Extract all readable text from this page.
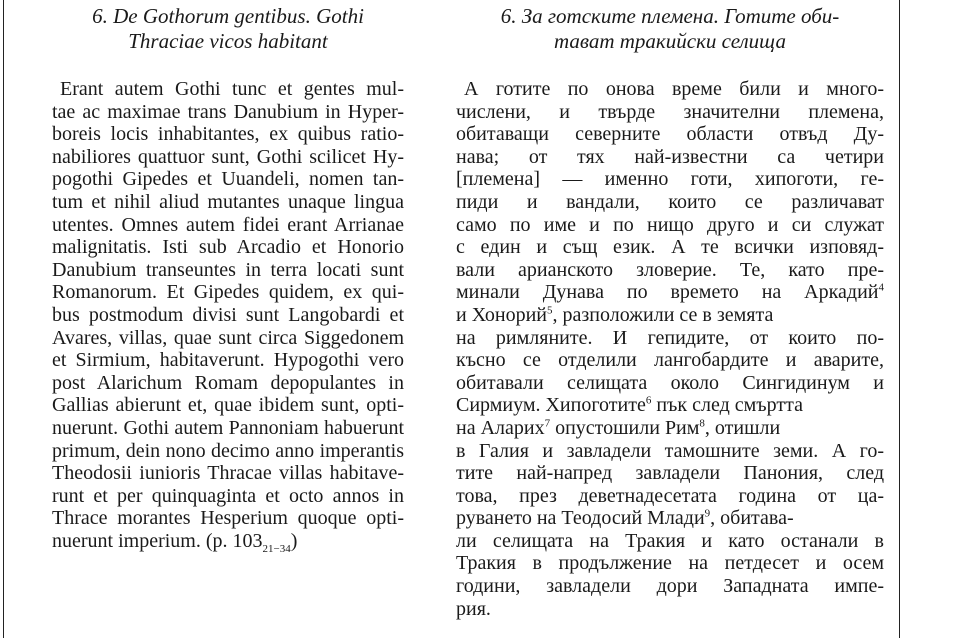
6. De Gothorum gentibus. Gothi
Thraciae vicos habitant
Erant autem Gothi tunc et gentes mul-
tae ac maximae trans Danubium in Hyper-
boreis locis inhabitantes, ex quibus ratio-
nabiliores quattuor sunt, Gothi scilicet Hy-
pogothi Gipedes et Uuandeli, nomen tan-
tum et nihil aliud mutantes unaque lingua
utentes. Omnes autem fidei erant Arrianae
malignitatis. Isti sub Arcadio et Honorio
Danubium transeuntes in terra locati sunt
Romanorum. Et Gipedes quidem, ex qui-
bus postmodum divisi sunt Langobardi et
Avares, villas, quae sunt circa Siggedonem
et Sirmium, habitaverunt. Hypogothi vero
post Alarichum Romam depopulantes in
Gallias abierunt et, quae ibidem sunt, opti-
nuerunt. Gothi autem Pannoniam habuerunt
primum, dein nono decimo anno imperantis
Theodosii iunioris Thracae villas habitave-
runt et per quinquaginta et octo annos in
Thrace morantes Hesperium quoque opti-
nuerunt imperium. (p. $103_{21-34}$)
6. За готските племена. Готите оби-
тават тракийски селища
А готите по онова време били и много-
числени, и твърде значителни племена,
обитаващи северните области отвъд Ду-
нава; от тях най-известни са четири
[племена] — именно готи, хипоготи, ге-
пиди и вандали, които се различават
само по име и по нищо друго и си служат
с един и същ език. А те всички изповяд-
вали арианското зловерие. Те, като пре-
минали Дунава по времето на Аркадий$^4$
и Хонорий$^5$, разположили се в земята
на римляните. И гепидите, от които по-
късно се отделили лангобардите и аварите,
обитавали селищата около Сингидинум и
Сирмиум. Хипоготите$^6$ пък след смъртта
на Аларих$^7$ опустошили Рим$^8$, отишли
в Галия и завладели тамошните земи. А го-
тите най-напред завладели Панония, след
това, през деветнадесетата година от ца-
руването на Теодосий Млади$^9$, обитава-
ли селищата на Тракия и като останали в
Тракия в продължение на петдесет и осем
години, завладели дори Западната импе-
рия.
